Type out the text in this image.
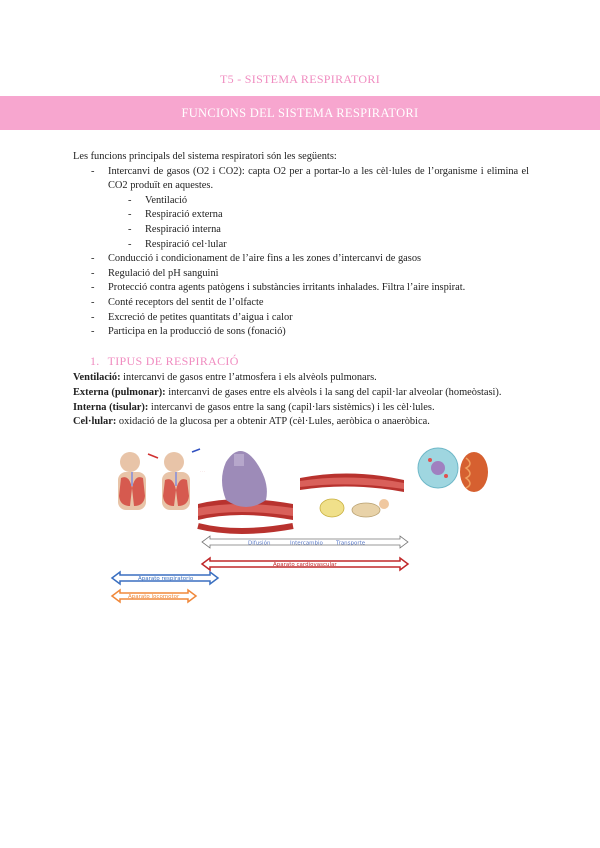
T5 - SISTEMA RESPIRATORI
FUNCIONS DEL SISTEMA RESPIRATORI

Les funcions principals del sistema respiratori són les següents:

- Intercanvi de gasos (O2 i CO2): capta O2 per a portar-lo a les cèl·lules de l’organisme i elimina el CO2 produït en aquestes.
- Ventilació
- Respiració externa
- Respiració interna
- Respiració cel·lular
- Conducció i condicionament de l’aire fins a les zones d’intercanvi de gasos
- Regulació del pH sanguini
- Protecció contra agents patògens i substàncies irritants inhalades. Filtra l’aire inspirat.
- Conté receptors del sentit de l’olfacte
- Excreció de petites quantitats d’aigua i calor
- Participa en la producció de sons (fonació)
1. TIPUS DE RESPIRACIÓ

Ventilació: intercanvi de gasos entre l’atmosfera i els alvèols pulmonars.

Externa (pulmonar): intercanvi de gases entre els alvèols i la sang del capil·lar alveolar (homeòstasi).

Interna (tisular): intercanvi de gasos entre la sang (capil·lars sistèmics) i les cèl·lules.

Cel·lular: oxidació de la glucosa per a obtenir ATP (cèl·Lules, aeròbica o anaeròbica.

· · ·
Difusión	Intercambio Transporte
Aparato cardiovascular
Aparato respiratorio
Aparato locomotor
